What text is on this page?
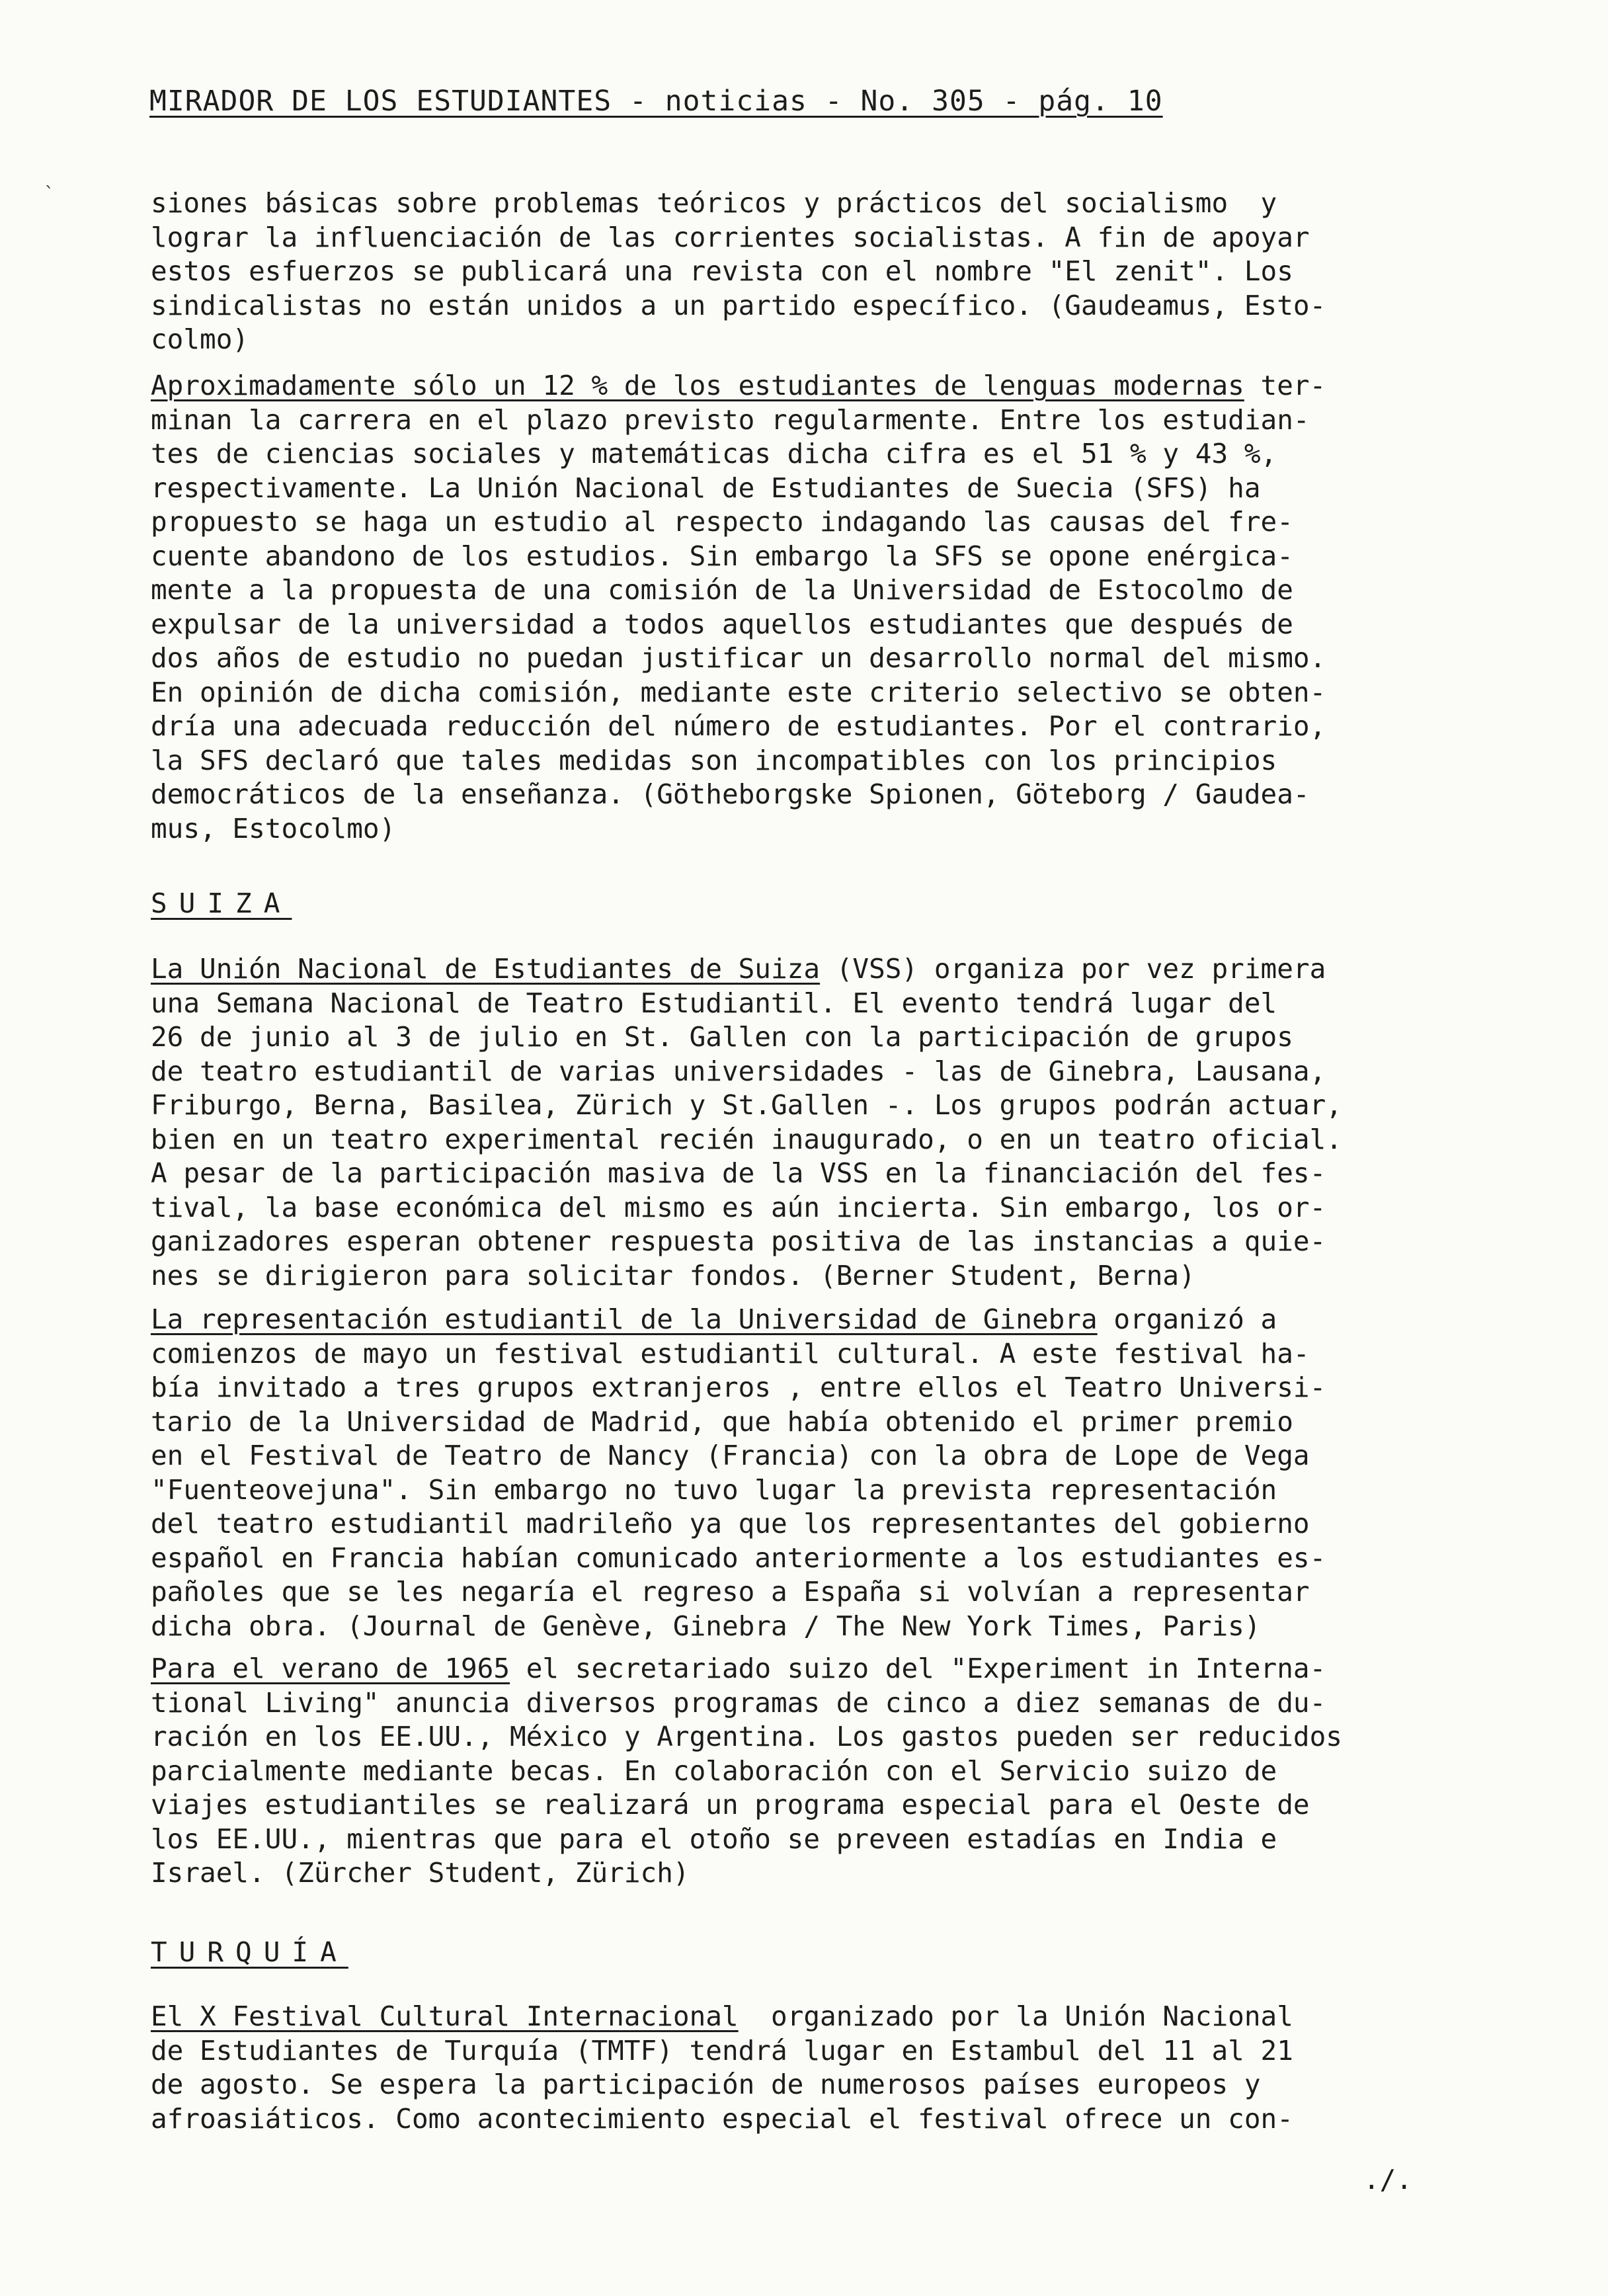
`
MIRADOR DE LOS ESTUDIANTES - noticias - No. 305 - pág. 10
siones básicas sobre problemas teóricos y prácticos del socialismo  y
lograr la influenciación de las corrientes socialistas. A fin de apoyar
estos esfuerzos se publicará una revista con el nombre "El zenit". Los
sindicalistas no están unidos a un partido específico. (Gaudeamus, Esto-
colmo)
Aproximadamente sólo un 12 % de los estudiantes de lenguas modernas ter-
minan la carrera en el plazo previsto regularmente. Entre los estudian-
tes de ciencias sociales y matemáticas dicha cifra es el 51 % y 43 %,
respectivamente. La Unión Nacional de Estudiantes de Suecia (SFS) ha
propuesto se haga un estudio al respecto indagando las causas del fre-
cuente abandono de los estudios. Sin embargo la SFS se opone enérgica-
mente a la propuesta de una comisión de la Universidad de Estocolmo de
expulsar de la universidad a todos aquellos estudiantes que después de
dos años de estudio no puedan justificar un desarrollo normal del mismo.
En opinión de dicha comisión, mediante este criterio selectivo se obten-
dría una adecuada reducción del número de estudiantes. Por el contrario,
la SFS declaró que tales medidas son incompatibles con los principios
democráticos de la enseñanza. (Götheborgske Spionen, Göteborg / Gaudea-
mus, Estocolmo)
SUIZA
La Unión Nacional de Estudiantes de Suiza (VSS) organiza por vez primera
una Semana Nacional de Teatro Estudiantil. El evento tendrá lugar del
26 de junio al 3 de julio en St. Gallen con la participación de grupos
de teatro estudiantil de varias universidades - las de Ginebra, Lausana,
Friburgo, Berna, Basilea, Zürich y St.Gallen -. Los grupos podrán actuar,
bien en un teatro experimental recién inaugurado, o en un teatro oficial.
A pesar de la participación masiva de la VSS en la financiación del fes-
tival, la base económica del mismo es aún incierta. Sin embargo, los or-
ganizadores esperan obtener respuesta positiva de las instancias a quie-
nes se dirigieron para solicitar fondos. (Berner Student, Berna)
La representación estudiantil de la Universidad de Ginebra organizó a
comienzos de mayo un festival estudiantil cultural. A este festival ha-
bía invitado a tres grupos extranjeros , entre ellos el Teatro Universi-
tario de la Universidad de Madrid, que había obtenido el primer premio
en el Festival de Teatro de Nancy (Francia) con la obra de Lope de Vega
"Fuenteovejuna". Sin embargo no tuvo lugar la prevista representación
del teatro estudiantil madrileño ya que los representantes del gobierno
español en Francia habían comunicado anteriormente a los estudiantes es-
pañoles que se les negaría el regreso a España si volvían a representar
dicha obra. (Journal de Genève, Ginebra / The New York Times, Paris)
Para el verano de 1965 el secretariado suizo del "Experiment in Interna-
tional Living" anuncia diversos programas de cinco a diez semanas de du-
ración en los EE.UU., México y Argentina. Los gastos pueden ser reducidos
parcialmente mediante becas. En colaboración con el Servicio suizo de
viajes estudiantiles se realizará un programa especial para el Oeste de
los EE.UU., mientras que para el otoño se preveen estadías en India e
Israel. (Zürcher Student, Zürich)
TURQUÍA
El X Festival Cultural Internacional  organizado por la Unión Nacional
de Estudiantes de Turquía (TMTF) tendrá lugar en Estambul del 11 al 21
de agosto. Se espera la participación de numerosos países europeos y
afroasiáticos. Como acontecimiento especial el festival ofrece un con-
./.
